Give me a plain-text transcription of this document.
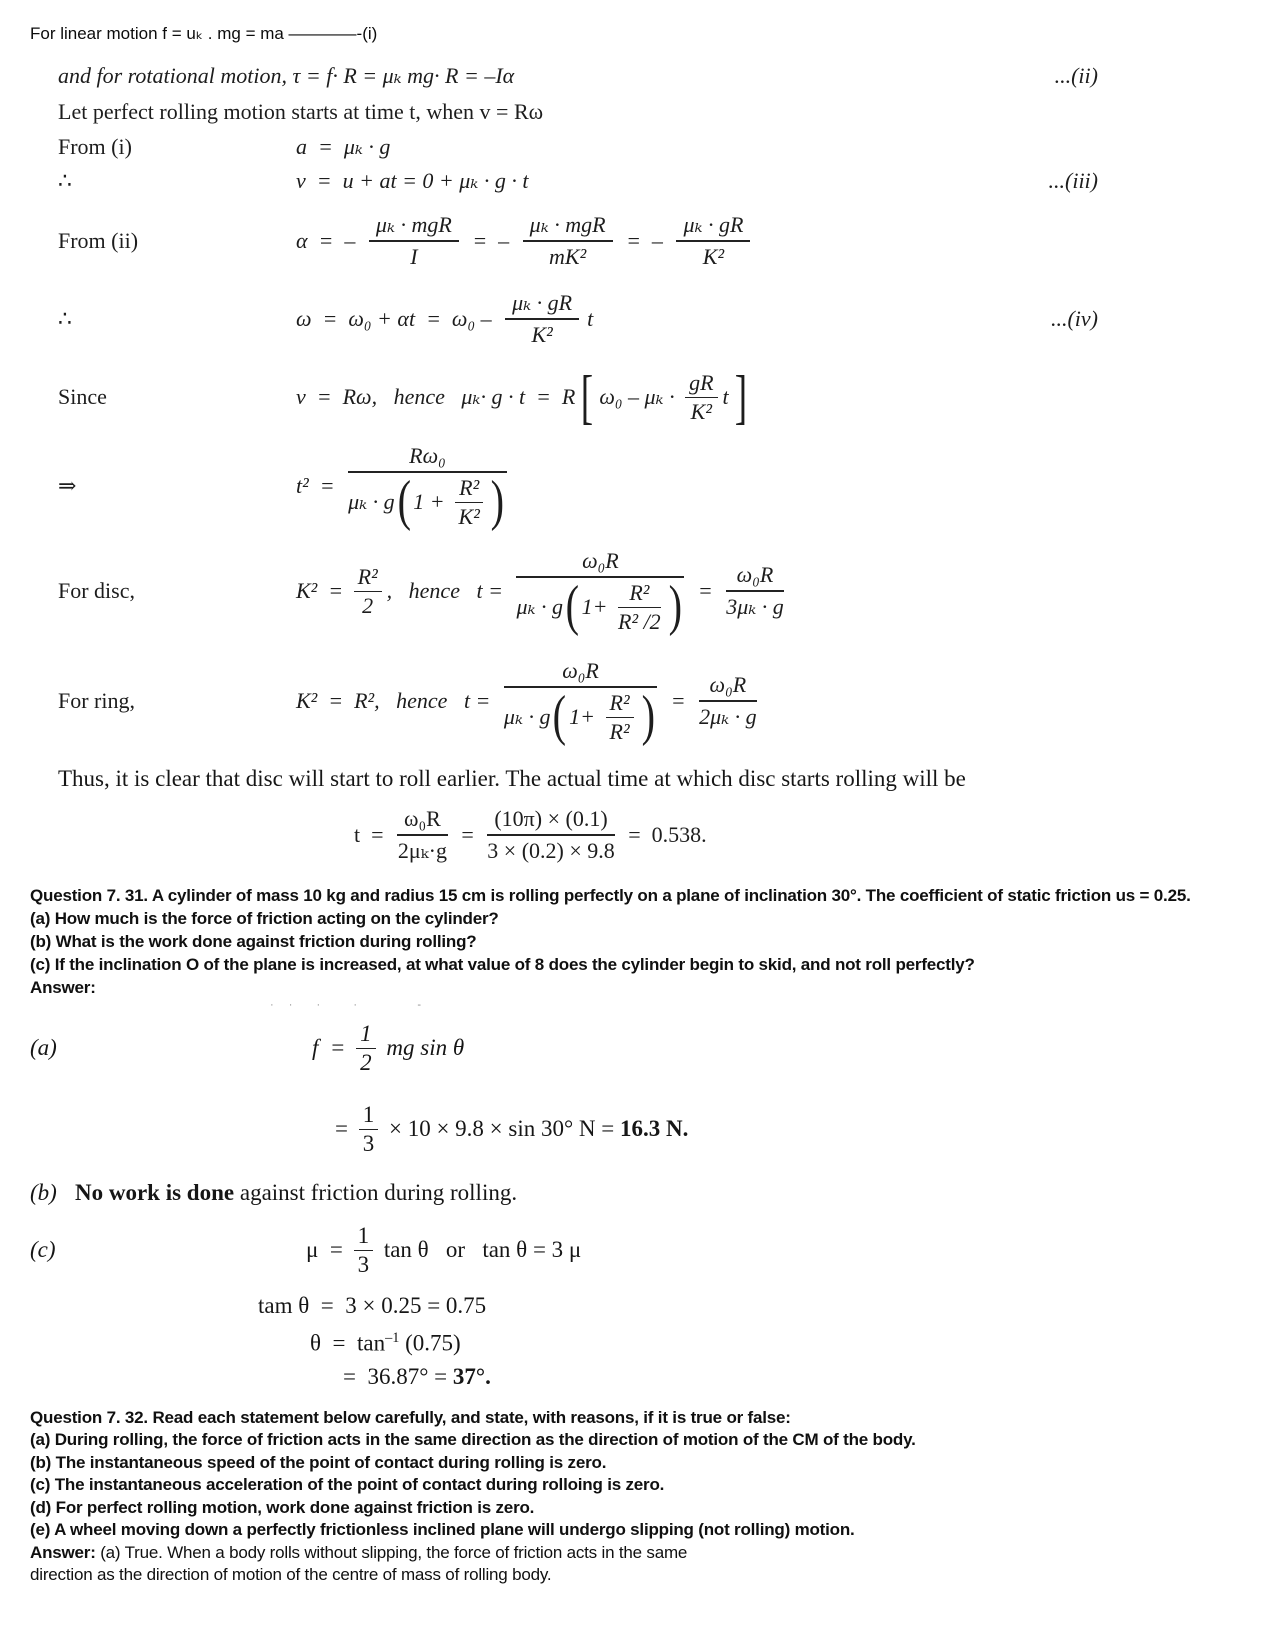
For linear motion f = uₖ . mg = ma ————-(i)
and for rotational motion, τ = f· R = μₖ mg· R = –Iα	...(ii)
Let perfect rolling motion starts at time t, when v = Rω
From (i)	a  =  μₖ · g
∴	v  =  u + at = 0 + μₖ · g · t	...(iii)
From (ii)	α  =  – $\frac{\text{μₖ · mgR}}{I}$ =  – $\frac{\text{μₖ · mgR}}{\text{mK²}}$ =  – $\frac{\text{μₖ · gR}}{\text{K²}}$
∴	$\omega = \omega_0 + \alpha t = \omega_0 - \frac{\text{μₖ · gR}}{\text{K²}}$ t	...(iv)
Since	v  =  Rω,   hence   μₖ· g · t  =  R [ $\omega_0 - \mu_k \cdot \frac{gR}{\text{K²}}$ t ]
⇒	t²  =
Rω₀
μₖ · g ( $1 + \frac{\text{R²}}{\text{K²}}$ )
For disc,	$K^2 = \frac{\text{R²}}{2}$ ,   hence   t =
ω₀R
μₖ · g ( $1+ \frac{\text{R²}}{\text{R² /2}}$ ) = $\frac{\text{ω₀R}}{\text{3μₖ · g}}$
For ring,	K²  =  R²,   hence   t =
ω₀R
μₖ · g ( $1+ \frac{\text{R²}}{\text{R²}}$ ) = $\frac{\text{ω₀R}}{\text{2μₖ · g}}$
Thus, it is clear that disc will start to roll earlier. The actual time at which disc starts rolling will be
$t = \frac{\text{ω₀R}}{\text{2μₖ·g}} = \frac{(10\pi) \times (0.1)}{3 \times (0.2) \times 9.8} = 0.538$.

Question 7. 31. A cylinder of mass 10 kg and radius 15 cm is rolling perfectly on a plane of inclination 30°. The coefficient of static friction us = 0.25.

(a) How much is the force of friction acting on the cylinder?

(b) What is the work done against friction during rolling?

(c) If the inclination O of the plane is increased, at what value of 8 does the cylinder begin to skid, and not roll perfectly?

Answer:

· ·  ·   ·      ‑
(a)	$f = \frac{1}{2}$ mg sin θ
= $\frac{1}{3} \times 10 \times 9.8 \times \sin 30^\circ$ N = 16.3 N.
(b) No work is done against friction during rolling.
(c)	$\mu = \frac{1}{3}$ tan θ   or   tan θ = 3 μ
tam θ  =  3 × 0.25 = 0.75
$\theta = \tan^{-1} (0.75)$
=  36.87° = 37°.

Question 7. 32. Read each statement below carefully, and state, with reasons, if it is true or false:

(a) During rolling, the force of friction acts in the same direction as the direction of motion of the CM of the body.

(b) The instantaneous speed of the point of contact during rolling is zero.

(c) The instantaneous acceleration of the point of contact during rolloing is zero.

(d) For perfect rolling motion, work done against friction is zero.

(e) A wheel moving down a perfectly frictionless inclined plane will undergo slipping (not rolling) motion.

Answer: (a) True. When a body rolls without slipping, the force of friction acts in the same

direction as the direction of motion of the centre of mass of rolling body.
